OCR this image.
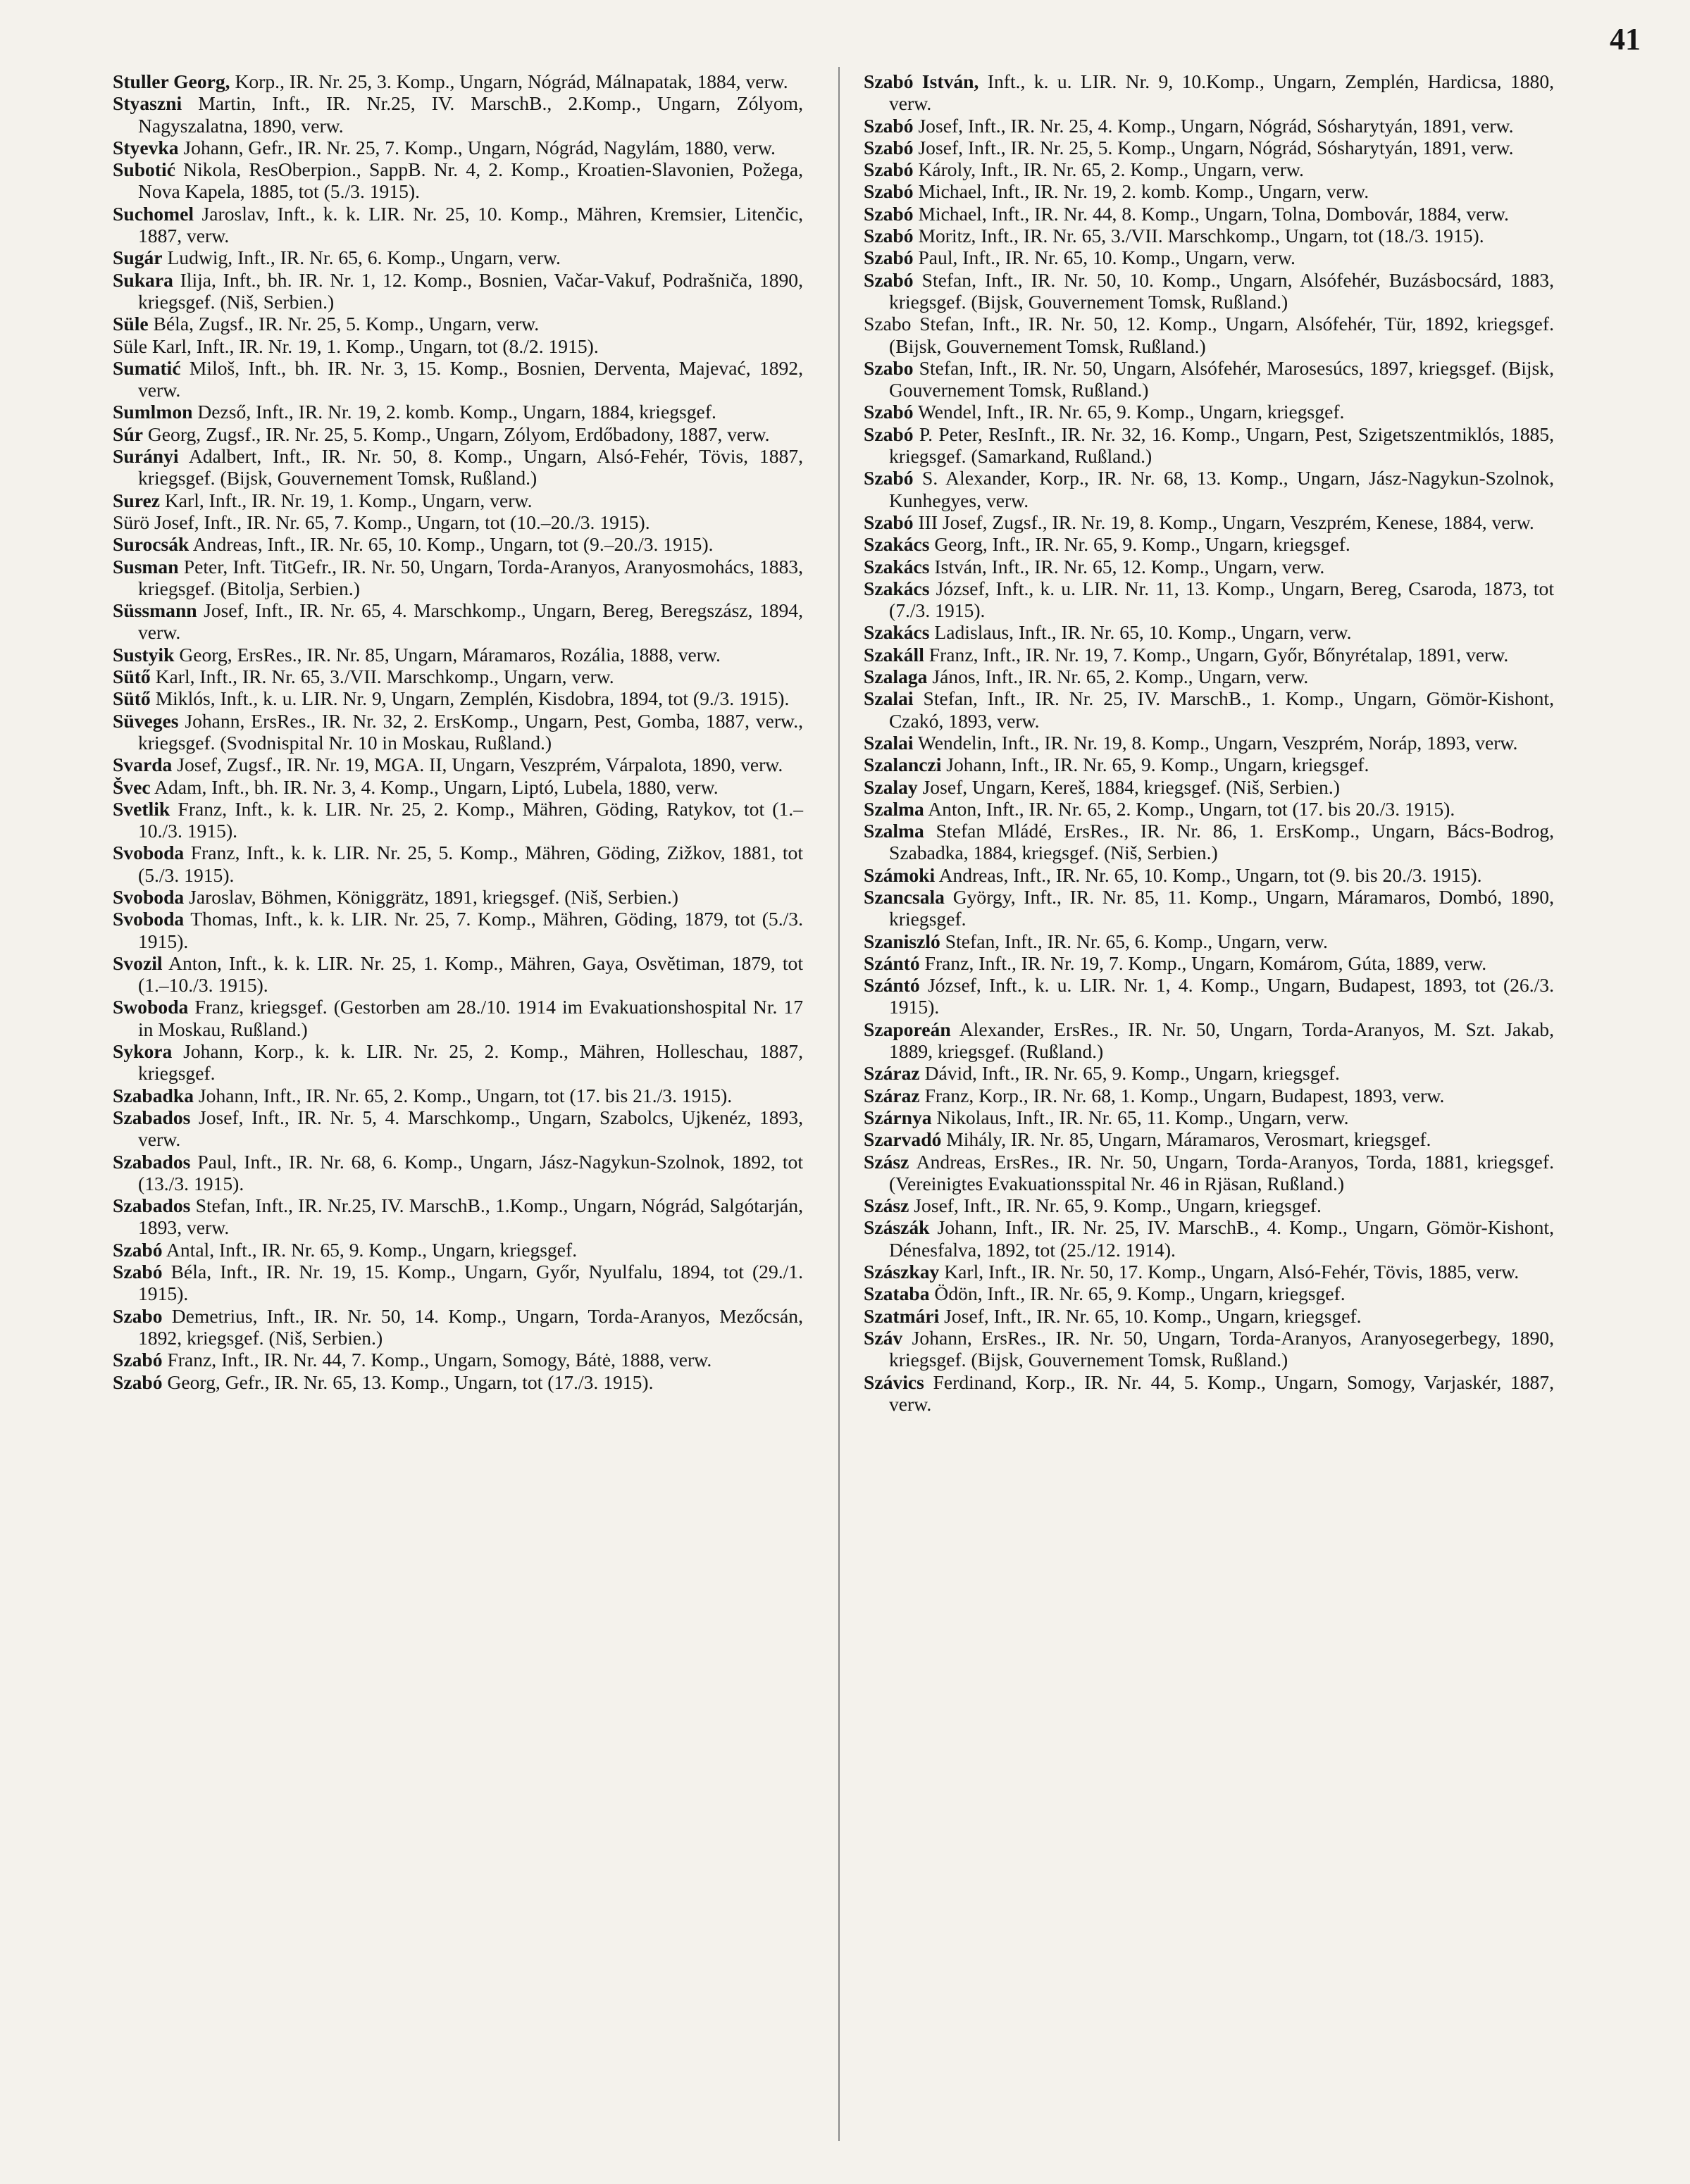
41

Stuller Georg, Korp., IR. Nr. 25, 3. Komp., Ungarn, Nógrád, Málnapatak, 1884, verw.

Styaszni Martin, Inft., IR. Nr.25, IV. MarschB., 2.Komp., Ungarn, Zólyom, Nagyszalatna, 1890, verw.

Styevka Johann, Gefr., IR. Nr. 25, 7. Komp., Ungarn, Nógrád, Nagylám, 1880, verw.

Subotić Nikola, ResOberpion., SappB. Nr. 4, 2. Komp., Kroatien-Slavonien, Požega, Nova Kapela, 1885, tot (5./3. 1915).

Suchomel Jaroslav, Inft., k. k. LIR. Nr. 25, 10. Komp., Mähren, Kremsier, Litenčic, 1887, verw.

Sugár Ludwig, Inft., IR. Nr. 65, 6. Komp., Ungarn, verw.

Sukara Ilija, Inft., bh. IR. Nr. 1, 12. Komp., Bosnien, Vačar-Vakuf, Podrašniča, 1890, kriegsgef. (Niš, Serbien.)

Süle Béla, Zugsf., IR. Nr. 25, 5. Komp., Ungarn, verw.

Süle Karl, Inft., IR. Nr. 19, 1. Komp., Ungarn, tot (8./2. 1915).

Sumatić Miloš, Inft., bh. IR. Nr. 3, 15. Komp., Bosnien, Derventa, Majevać, 1892, verw.

Sumlmon Dezső, Inft., IR. Nr. 19, 2. komb. Komp., Ungarn, 1884, kriegsgef.

Súr Georg, Zugsf., IR. Nr. 25, 5. Komp., Ungarn, Zólyom, Erdőbadony, 1887, verw.

Surányi Adalbert, Inft., IR. Nr. 50, 8. Komp., Ungarn, Alsó-Fehér, Tövis, 1887, kriegsgef. (Bijsk, Gouvernement Tomsk, Rußland.)

Surez Karl, Inft., IR. Nr. 19, 1. Komp., Ungarn, verw.

Sürö Josef, Inft., IR. Nr. 65, 7. Komp., Ungarn, tot (10.–20./3. 1915).

Surocsák Andreas, Inft., IR. Nr. 65, 10. Komp., Ungarn, tot (9.–20./3. 1915).

Susman Peter, Inft. TitGefr., IR. Nr. 50, Ungarn, Torda-Aranyos, Aranyosmohács, 1883, kriegsgef. (Bitolja, Serbien.)

Süssmann Josef, Inft., IR. Nr. 65, 4. Marschkomp., Ungarn, Bereg, Beregszász, 1894, verw.

Sustyik Georg, ErsRes., IR. Nr. 85, Ungarn, Máramaros, Rozália, 1888, verw.

Sütő Karl, Inft., IR. Nr. 65, 3./VII. Marschkomp., Ungarn, verw.

Sütő Miklós, Inft., k. u. LIR. Nr. 9, Ungarn, Zemplén, Kisdobra, 1894, tot (9./3. 1915).

Süveges Johann, ErsRes., IR. Nr. 32, 2. ErsKomp., Ungarn, Pest, Gomba, 1887, verw., kriegsgef. (Svodnispital Nr. 10 in Moskau, Rußland.)

Svarda Josef, Zugsf., IR. Nr. 19, MGA. II, Ungarn, Veszprém, Várpalota, 1890, verw.

Švec Adam, Inft., bh. IR. Nr. 3, 4. Komp., Ungarn, Liptó, Lubela, 1880, verw.

Svetlik Franz, Inft., k. k. LIR. Nr. 25, 2. Komp., Mähren, Göding, Ratykov, tot (1.–10./3. 1915).

Svoboda Franz, Inft., k. k. LIR. Nr. 25, 5. Komp., Mähren, Göding, Zižkov, 1881, tot (5./3. 1915).

Svoboda Jaroslav, Böhmen, Königgrätz, 1891, kriegsgef. (Niš, Serbien.)

Svoboda Thomas, Inft., k. k. LIR. Nr. 25, 7. Komp., Mähren, Göding, 1879, tot (5./3. 1915).

Svozil Anton, Inft., k. k. LIR. Nr. 25, 1. Komp., Mähren, Gaya, Osvětiman, 1879, tot (1.–10./3. 1915).

Swoboda Franz, kriegsgef. (Gestorben am 28./10. 1914 im Evakuationshospital Nr. 17 in Moskau, Rußland.)

Sykora Johann, Korp., k. k. LIR. Nr. 25, 2. Komp., Mähren, Holleschau, 1887, kriegsgef.

Szabadka Johann, Inft., IR. Nr. 65, 2. Komp., Ungarn, tot (17. bis 21./3. 1915).

Szabados Josef, Inft., IR. Nr. 5, 4. Marschkomp., Ungarn, Szabolcs, Ujkenéz, 1893, verw.

Szabados Paul, Inft., IR. Nr. 68, 6. Komp., Ungarn, Jász-Nagykun-Szolnok, 1892, tot (13./3. 1915).

Szabados Stefan, Inft., IR. Nr.25, IV. MarschB., 1.Komp., Ungarn, Nógrád, Salgótarján, 1893, verw.

Szabó Antal, Inft., IR. Nr. 65, 9. Komp., Ungarn, kriegsgef.

Szabó Béla, Inft., IR. Nr. 19, 15. Komp., Ungarn, Győr, Nyulfalu, 1894, tot (29./1. 1915).

Szabo Demetrius, Inft., IR. Nr. 50, 14. Komp., Ungarn, Torda-Aranyos, Mezőcsán, 1892, kriegsgef. (Niš, Serbien.)

Szabó Franz, Inft., IR. Nr. 44, 7. Komp., Ungarn, Somogy, Bátė, 1888, verw.

Szabó Georg, Gefr., IR. Nr. 65, 13. Komp., Ungarn, tot (17./3. 1915).

Szabó István, Inft., k. u. LIR. Nr. 9, 10.Komp., Ungarn, Zemplén, Hardicsa, 1880, verw.

Szabó Josef, Inft., IR. Nr. 25, 4. Komp., Ungarn, Nógrád, Sósharytyán, 1891, verw.

Szabó Josef, Inft., IR. Nr. 25, 5. Komp., Ungarn, Nógrád, Sósharytyán, 1891, verw.

Szabó Károly, Inft., IR. Nr. 65, 2. Komp., Ungarn, verw.

Szabó Michael, Inft., IR. Nr. 19, 2. komb. Komp., Ungarn, verw.

Szabó Michael, Inft., IR. Nr. 44, 8. Komp., Ungarn, Tolna, Dombovár, 1884, verw.

Szabó Moritz, Inft., IR. Nr. 65, 3./VII. Marschkomp., Ungarn, tot (18./3. 1915).

Szabó Paul, Inft., IR. Nr. 65, 10. Komp., Ungarn, verw.

Szabó Stefan, Inft., IR. Nr. 50, 10. Komp., Ungarn, Alsófehér, Buzásbocsárd, 1883, kriegsgef. (Bijsk, Gouvernement Tomsk, Rußland.)

Szabo Stefan, Inft., IR. Nr. 50, 12. Komp., Ungarn, Alsófehér, Tür, 1892, kriegsgef. (Bijsk, Gouvernement Tomsk, Rußland.)

Szabo Stefan, Inft., IR. Nr. 50, Ungarn, Alsófehér, Marosesúcs, 1897, kriegsgef. (Bijsk, Gouvernement Tomsk, Rußland.)

Szabó Wendel, Inft., IR. Nr. 65, 9. Komp., Ungarn, kriegsgef.

Szabó P. Peter, ResInft., IR. Nr. 32, 16. Komp., Ungarn, Pest, Szigetszentmiklós, 1885, kriegsgef. (Samarkand, Rußland.)

Szabó S. Alexander, Korp., IR. Nr. 68, 13. Komp., Ungarn, Jász-Nagykun-Szolnok, Kunhegyes, verw.

Szabó III Josef, Zugsf., IR. Nr. 19, 8. Komp., Ungarn, Veszprém, Kenese, 1884, verw.

Szakács Georg, Inft., IR. Nr. 65, 9. Komp., Ungarn, kriegsgef.

Szakács István, Inft., IR. Nr. 65, 12. Komp., Ungarn, verw.

Szakács József, Inft., k. u. LIR. Nr. 11, 13. Komp., Ungarn, Bereg, Csaroda, 1873, tot (7./3. 1915).

Szakács Ladislaus, Inft., IR. Nr. 65, 10. Komp., Ungarn, verw.

Szakáll Franz, Inft., IR. Nr. 19, 7. Komp., Ungarn, Győr, Bőnyrétalap, 1891, verw.

Szalaga János, Inft., IR. Nr. 65, 2. Komp., Ungarn, verw.

Szalai Stefan, Inft., IR. Nr. 25, IV. MarschB., 1. Komp., Ungarn, Gömör-Kishont, Czakó, 1893, verw.

Szalai Wendelin, Inft., IR. Nr. 19, 8. Komp., Ungarn, Veszprém, Noráp, 1893, verw.

Szalanczi Johann, Inft., IR. Nr. 65, 9. Komp., Ungarn, kriegsgef.

Szalay Josef, Ungarn, Kereš, 1884, kriegsgef. (Niš, Serbien.)

Szalma Anton, Inft., IR. Nr. 65, 2. Komp., Ungarn, tot (17. bis 20./3. 1915).

Szalma Stefan Mládé, ErsRes., IR. Nr. 86, 1. ErsKomp., Ungarn, Bács-Bodrog, Szabadka, 1884, kriegsgef. (Niš, Serbien.)

Számoki Andreas, Inft., IR. Nr. 65, 10. Komp., Ungarn, tot (9. bis 20./3. 1915).

Szancsala György, Inft., IR. Nr. 85, 11. Komp., Ungarn, Máramaros, Dombó, 1890, kriegsgef.

Szaniszló Stefan, Inft., IR. Nr. 65, 6. Komp., Ungarn, verw.

Szántó Franz, Inft., IR. Nr. 19, 7. Komp., Ungarn, Komárom, Gúta, 1889, verw.

Szántó József, Inft., k. u. LIR. Nr. 1, 4. Komp., Ungarn, Budapest, 1893, tot (26./3. 1915).

Szaporeán Alexander, ErsRes., IR. Nr. 50, Ungarn, Torda-Aranyos, M. Szt. Jakab, 1889, kriegsgef. (Rußland.)

Száraz Dávid, Inft., IR. Nr. 65, 9. Komp., Ungarn, kriegsgef.

Száraz Franz, Korp., IR. Nr. 68, 1. Komp., Ungarn, Budapest, 1893, verw.

Szárnya Nikolaus, Inft., IR. Nr. 65, 11. Komp., Ungarn, verw.

Szarvadó Mihály, IR. Nr. 85, Ungarn, Máramaros, Verosmart, kriegsgef.

Szász Andreas, ErsRes., IR. Nr. 50, Ungarn, Torda-Aranyos, Torda, 1881, kriegsgef. (Vereinigtes Evakuationsspital Nr. 46 in Rjäsan, Rußland.)

Szász Josef, Inft., IR. Nr. 65, 9. Komp., Ungarn, kriegsgef.

Szászák Johann, Inft., IR. Nr. 25, IV. MarschB., 4. Komp., Ungarn, Gömör-Kishont, Dénesfalva, 1892, tot (25./12. 1914).

Szászkay Karl, Inft., IR. Nr. 50, 17. Komp., Ungarn, Alsó-Fehér, Tövis, 1885, verw.

Szataba Ödön, Inft., IR. Nr. 65, 9. Komp., Ungarn, kriegsgef.

Szatmári Josef, Inft., IR. Nr. 65, 10. Komp., Ungarn, kriegsgef.

Száv Johann, ErsRes., IR. Nr. 50, Ungarn, Torda-Aranyos, Aranyosegerbegy, 1890, kriegsgef. (Bijsk, Gouvernement Tomsk, Rußland.)

Szávics Ferdinand, Korp., IR. Nr. 44, 5. Komp., Ungarn, Somogy, Varjaskér, 1887, verw.
